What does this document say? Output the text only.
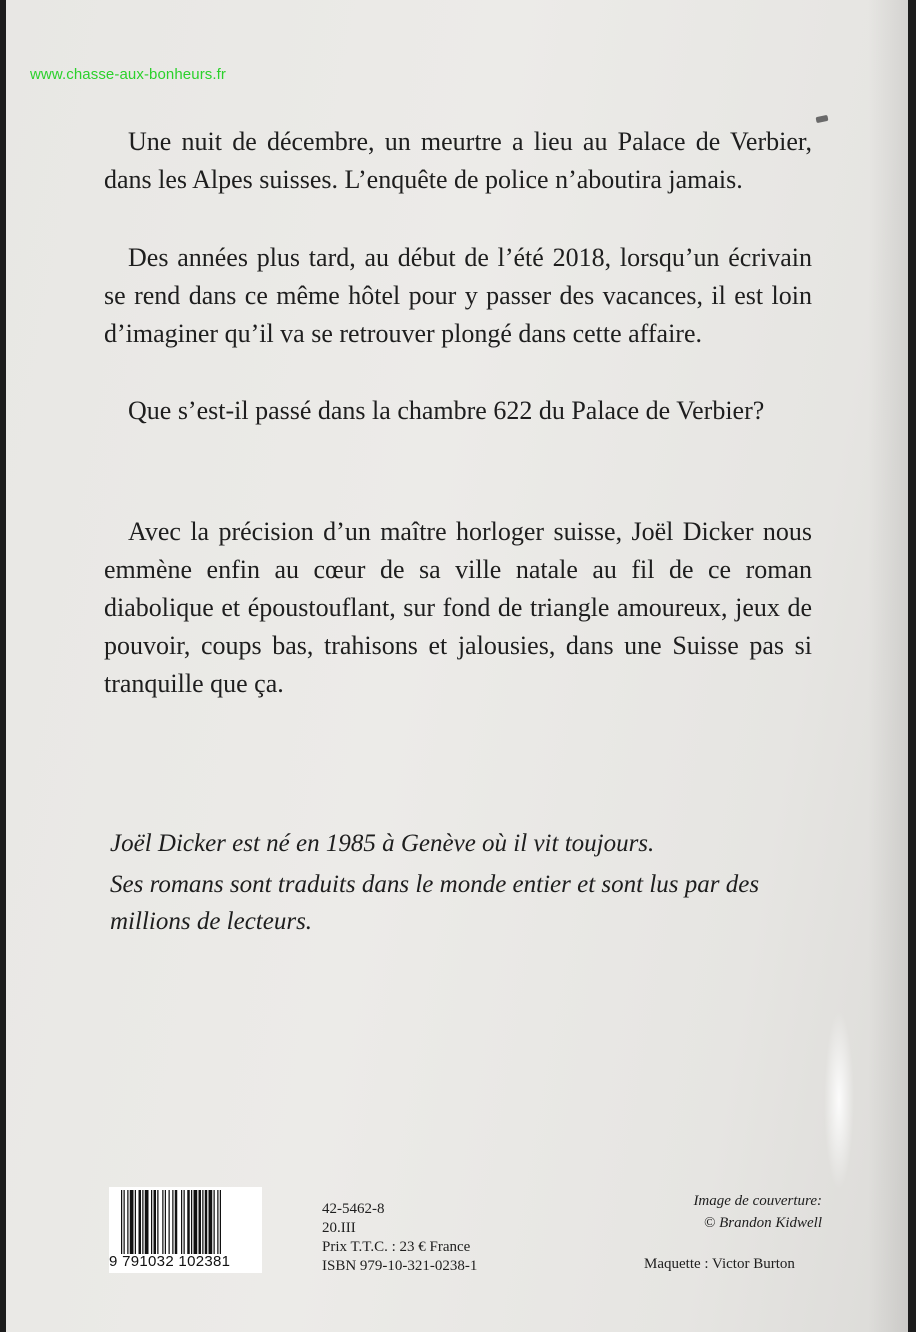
www.chasse-aux-bonheurs.fr
Une nuit de décembre, un meurtre a lieu au Palace de Verbier, dans les Alpes suisses. L’enquête de police n’aboutira jamais.
Des années plus tard, au début de l’été 2018, lorsqu’un écrivain se rend dans ce même hôtel pour y passer des vacances, il est loin d’imaginer qu’il va se retrouver plongé dans cette affaire.
Que s’est-il passé dans la chambre 622 du Palace de Verbier?
Avec la précision d’un maître horloger suisse, Joël Dicker nous emmène enfin au cœur de sa ville natale au fil de ce roman diabolique et époustouflant, sur fond de triangle amoureux, jeux de pouvoir, coups bas, trahisons et jalousies, dans une Suisse pas si tranquille que ça.
Joël Dicker est né en 1985 à Genève où il vit toujours.
Ses romans sont traduits dans le monde entier et sont lus par des millions de lecteurs.
9 791032 102381
42-5462-8
20.III
Prix T.T.C. : 23 € France
ISBN 979-10-321-0238-1
Image de couverture:
© Brandon Kidwell
Maquette : Victor Burton
